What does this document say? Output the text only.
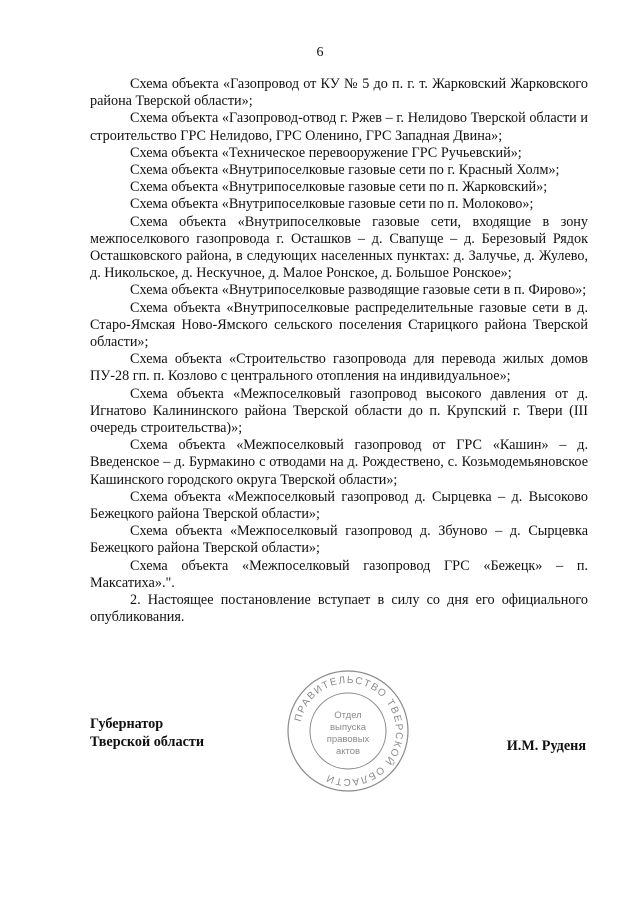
6

Схема объекта «Газопровод от КУ № 5 до п. г. т. Жарковский Жарковского района Тверской области»;

Схема объекта «Газопровод-отвод г. Ржев – г. Нелидово Тверской области и строительство ГРС Нелидово, ГРС Оленино, ГРС Западная Двина»;

Схема объекта «Техническое перевооружение ГРС Ручьевский»;

Схема объекта «Внутрипоселковые газовые сети по г. Красный Холм»;

Схема объекта «Внутрипоселковые газовые сети по п. Жарковский»;

Схема объекта «Внутрипоселковые газовые сети по п. Молоково»;

Схема объекта «Внутрипоселковые газовые сети, входящие в зону межпоселкового газопровода г. Осташков – д. Свапуще – д. Березовый Рядок Осташковского района, в следующих населенных пунктах: д. Залучье, д. Жулево, д. Никольское, д. Нескучное, д. Малое Ронское, д. Большое Ронское»;

Схема объекта «Внутрипоселковые разводящие газовые сети в п. Фирово»;

Схема объекта «Внутрипоселковые распределительные газовые сети в д. Старо-Ямская Ново-Ямского сельского поселения Старицкого района Тверской области»;

Схема объекта «Строительство газопровода для перевода жилых домов ПУ-28 гп. п. Козлово с центрального отопления на индивидуальное»;

Схема объекта «Межпоселковый газопровод высокого давления от д. Игнатово Калининского района Тверской области до п. Крупский г. Твери (III очередь строительства)»;

Схема объекта «Межпоселковый газопровод от ГРС «Кашин» – д. Введенское – д. Бурмакино с отводами на д. Рождествено, с. Козьмодемьяновское Кашинского городского округа Тверской области»;

Схема объекта «Межпоселковый газопровод д. Сырцевка – д. Высоково Бежецкого района Тверской области»;

Схема объекта «Межпоселковый газопровод д. Збуново – д. Сырцевка Бежецкого района Тверской области»;

Схема объекта «Межпоселковый газопровод ГРС «Бежецк» – п. Максатиха».".

2. Настоящее постановление вступает в силу со дня его официального опубликования.

Губернатор
Тверской области
ПРАВИТЕЛЬСТВО ТВЕРСКОЙ ОБЛАСТИ
Отдел
выпуска
правовых
актов	И.М. Руденя
